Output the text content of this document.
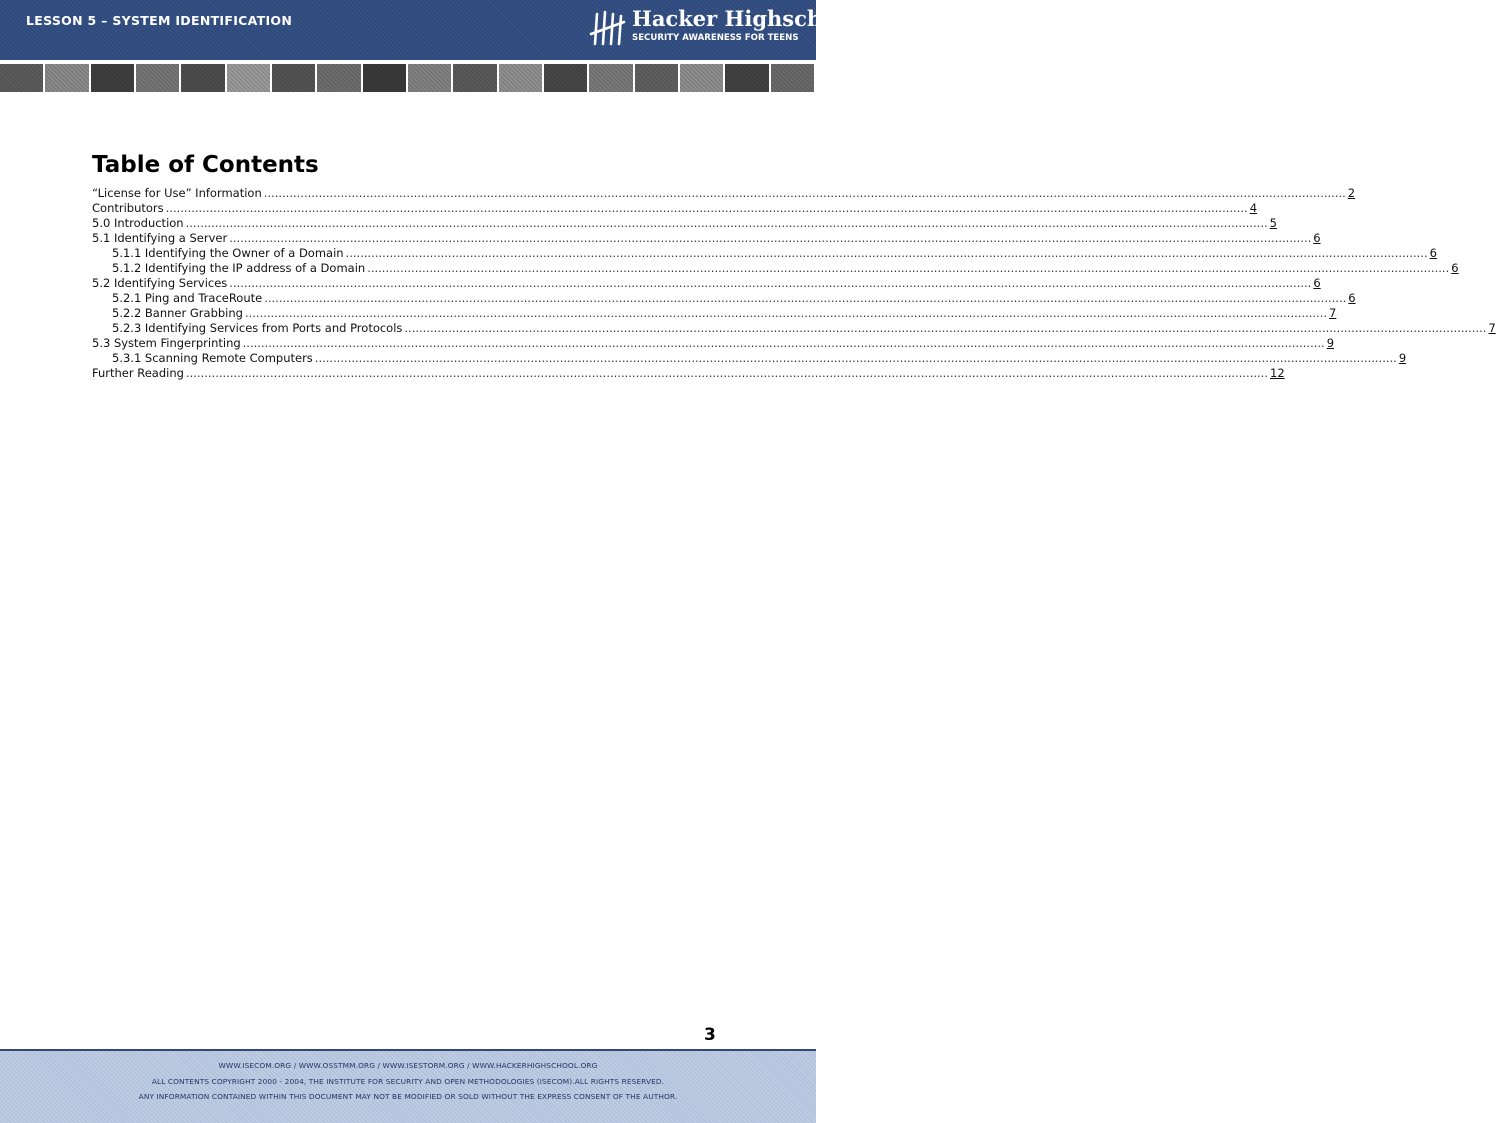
LESSON 5 – SYSTEM IDENTIFICATION	Hacker Highschool
SECURITY AWARENESS FOR TEENS
Table of Contents
“License for Use” Information .....	2
Contributors .....	4
5.0 Introduction .....	5
5.1 Identifying a Server .....	6
5.1.1 Identifying the Owner of a Domain .....	6
5.1.2 Identifying the IP address of a Domain .....	6
5.2 Identifying Services .....	6
5.2.1 Ping and TraceRoute .....	6
5.2.2 Banner Grabbing .....	7
5.2.3 Identifying Services from Ports and Protocols .....	7
5.3 System Fingerprinting .....	9
5.3.1 Scanning Remote Computers .....	9
Further Reading .....	12
3
WWW.ISECOM.ORG / WWW.OSSTMM.ORG / WWW.ISESTORM.ORG / WWW.HACKERHIGHSCHOOL.ORG
ALL CONTENTS COPYRIGHT 2000 - 2004, THE INSTITUTE FOR SECURITY AND OPEN METHODOLOGIES (ISECOM).ALL RIGHTS RESERVED.
ANY INFORMATION CONTAINED WITHIN THIS DOCUMENT MAY NOT BE MODIFIED OR SOLD WITHOUT THE EXPRESS CONSENT OF THE AUTHOR.
